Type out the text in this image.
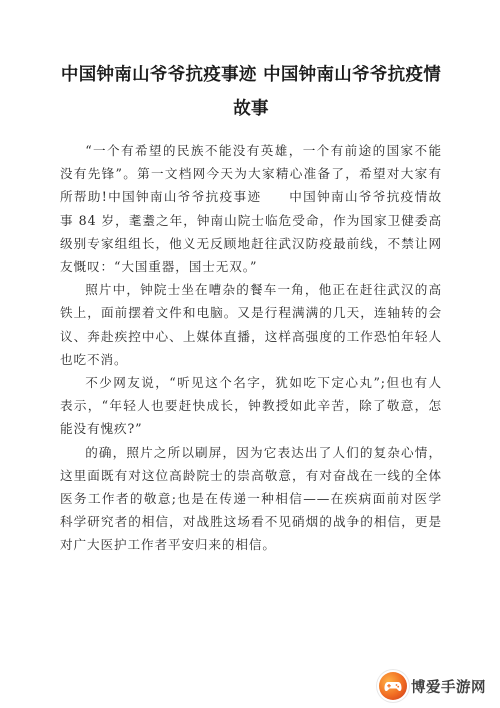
中国钟南山爷爷抗疫事迹 中国钟南山爷爷抗疫情故事

“一个有希望的民族不能没有英雄，一个有前途的国家不能没有先锋”。第一文档网今天为大家精心准备了，希望对大家有所帮助!中国钟南山爷爷抗疫事迹　　中国钟南山爷爷抗疫情故事 84 岁，耄耋之年，钟南山院士临危受命，作为国家卫健委高级别专家组组长，他义无反顾地赶往武汉防疫最前线，不禁让网友慨叹：“大国重器，国士无双。”

照片中，钟院士坐在嘈杂的餐车一角，他正在赶往武汉的高铁上，面前摆着文件和电脑。又是行程满满的几天，连轴转的会议、奔赴疾控中心、上媒体直播，这样高强度的工作恐怕年轻人也吃不消。

不少网友说，“听见这个名字，犹如吃下定心丸”;但也有人表示，“年轻人也要赶快成长，钟教授如此辛苦，除了敬意，怎能没有愧疚?”

的确，照片之所以刷屏，因为它表达出了人们的复杂心情，这里面既有对这位高龄院士的崇高敬意，有对奋战在一线的全体医务工作者的敬意;也是在传递一种相信——在疾病面前对医学科学研究者的相信，对战胜这场看不见硝烟的战争的相信，更是对广大医护工作者平安归来的相信。

博爱手游网
